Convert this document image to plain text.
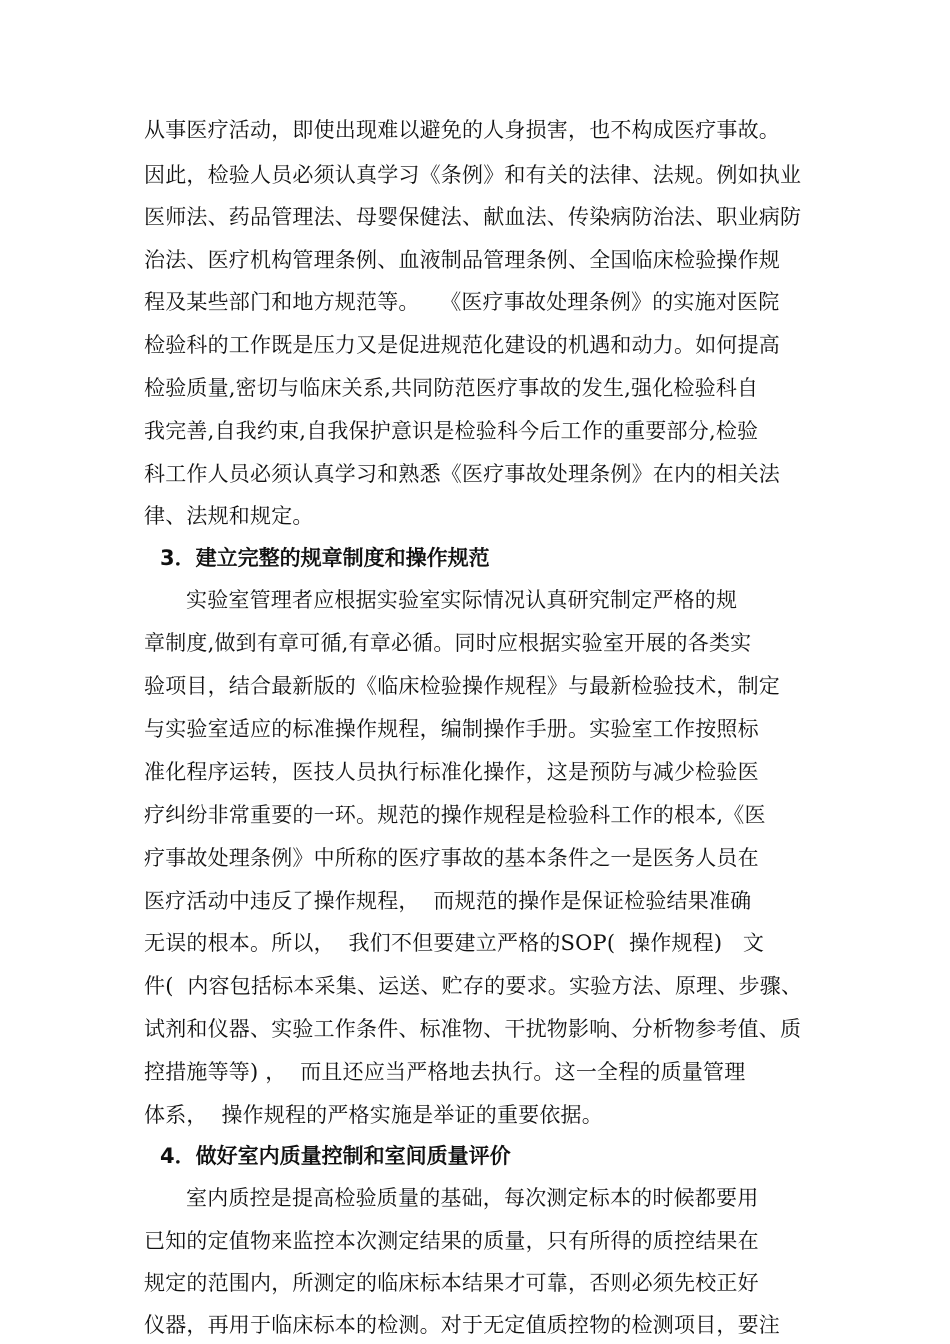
从事医疗活动，即使出现难以避免的人身损害，也不构成医疗事故。
因此，检验人员必须认真学习《条例》和有关的法律、法规。例如执业
医师法、药品管理法、母婴保健法、献血法、传染病防治法、职业病防
治法、医疗机构管理条例、血液制品管理条例、全国临床检验操作规
程及某些部门和地方规范等。   《医疗事故处理条例》的实施对医院
检验科的工作既是压力又是促进规范化建设的机遇和动力。如何提高
检验质量,密切与临床关系,共同防范医疗事故的发生,强化检验科自
我完善,自我约束,自我保护意识是检验科今后工作的重要部分,检验
科工作人员必须认真学习和熟悉《医疗事故处理条例》在内的相关法
律、法规和规定。
3．建立完整的规章制度和操作规范
实验室管理者应根据实验室实际情况认真研究制定严格的规
章制度,做到有章可循,有章必循。同时应根据实验室开展的各类实
验项目，结合最新版的《临床检验操作规程》与最新检验技术，制定
与实验室适应的标准操作规程，编制操作手册。实验室工作按照标
准化程序运转，医技人员执行标准化操作，这是预防与减少检验医
疗纠纷非常重要的一环。规范的操作规程是检验科工作的根本,《医
疗事故处理条例》中所称的医疗事故的基本条件之一是医务人员在
医疗活动中违反了操作规程，  而规范的操作是保证检验结果准确
无误的根本。所以，  我们不但要建立严格的SOP(  操作规程)   文
件(  内容包括标本采集、运送、贮存的要求。实验方法、原理、步骤、
试剂和仪器、实验工作条件、标准物、干扰物影响、分析物参考值、质
控措施等等) ，  而且还应当严格地去执行。这一全程的质量管理
体系，  操作规程的严格实施是举证的重要依据。
4．做好室内质量控制和室间质量评价
室内质控是提高检验质量的基础，每次测定标本的时候都要用
已知的定值物来监控本次测定结果的质量，只有所得的质控结果在
规定的范围内，所测定的临床标本结果才可靠，否则必须先校正好
仪器，再用于临床标本的检测。对于无定值质控物的检测项目，要注
